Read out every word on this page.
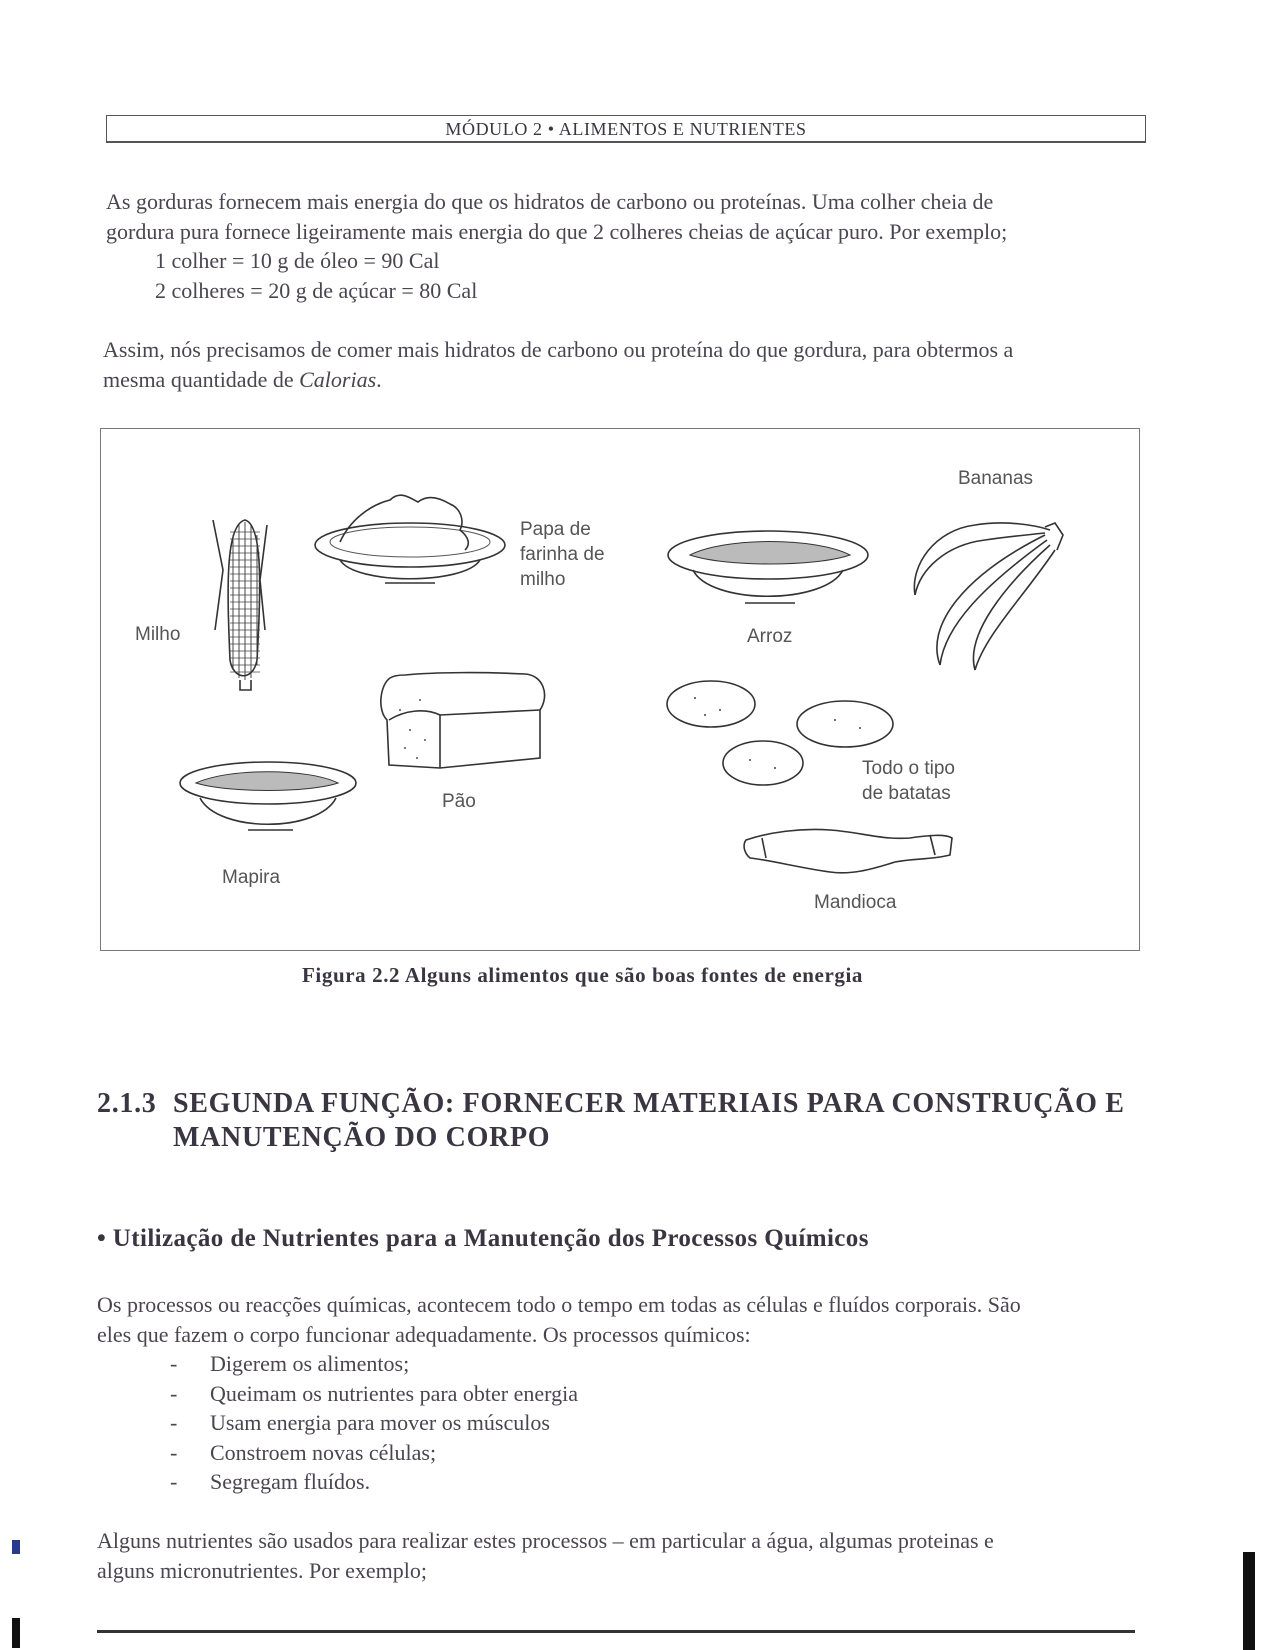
MÓDULO 2 • ALIMENTOS E NUTRIENTES
As gorduras fornecem mais energia do que os hidratos de carbono ou proteínas. Uma colher cheia de
gordura pura fornece ligeiramente mais energia do que 2 colheres cheias de açúcar puro. Por exemplo;
1 colher = 10 g de óleo = 90 Cal
2 colheres = 20 g de açúcar = 80 Cal
Assim, nós precisamos de comer mais hidratos de carbono ou proteína do que gordura, para obtermos a
mesma quantidade de Calorias.
Milho
Papa de
farinha de
milho
Arroz
Bananas
Pão
Mapira
Todo o tipo
de batatas
Mandioca
Figura 2.2 Alguns alimentos que são boas fontes de energia
2.1.3 SEGUNDA FUNÇÃO: FORNECER MATERIAIS PARA CONSTRUÇÃO E
MANUTENÇÃO DO CORPO
• Utilização de Nutrientes para a Manutenção dos Processos Químicos
Os processos ou reacções químicas, acontecem todo o tempo em todas as células e fluídos corporais. São
eles que fazem o corpo funcionar adequadamente. Os processos químicos:
-	Digerem os alimentos;
-	Queimam os nutrientes para obter energia
-	Usam energia para mover os músculos
-	Constroem novas células;
-	Segregam fluídos.
Alguns nutrientes são usados para realizar estes processos – em particular a água, algumas proteinas e
alguns micronutrientes. Por exemplo;
